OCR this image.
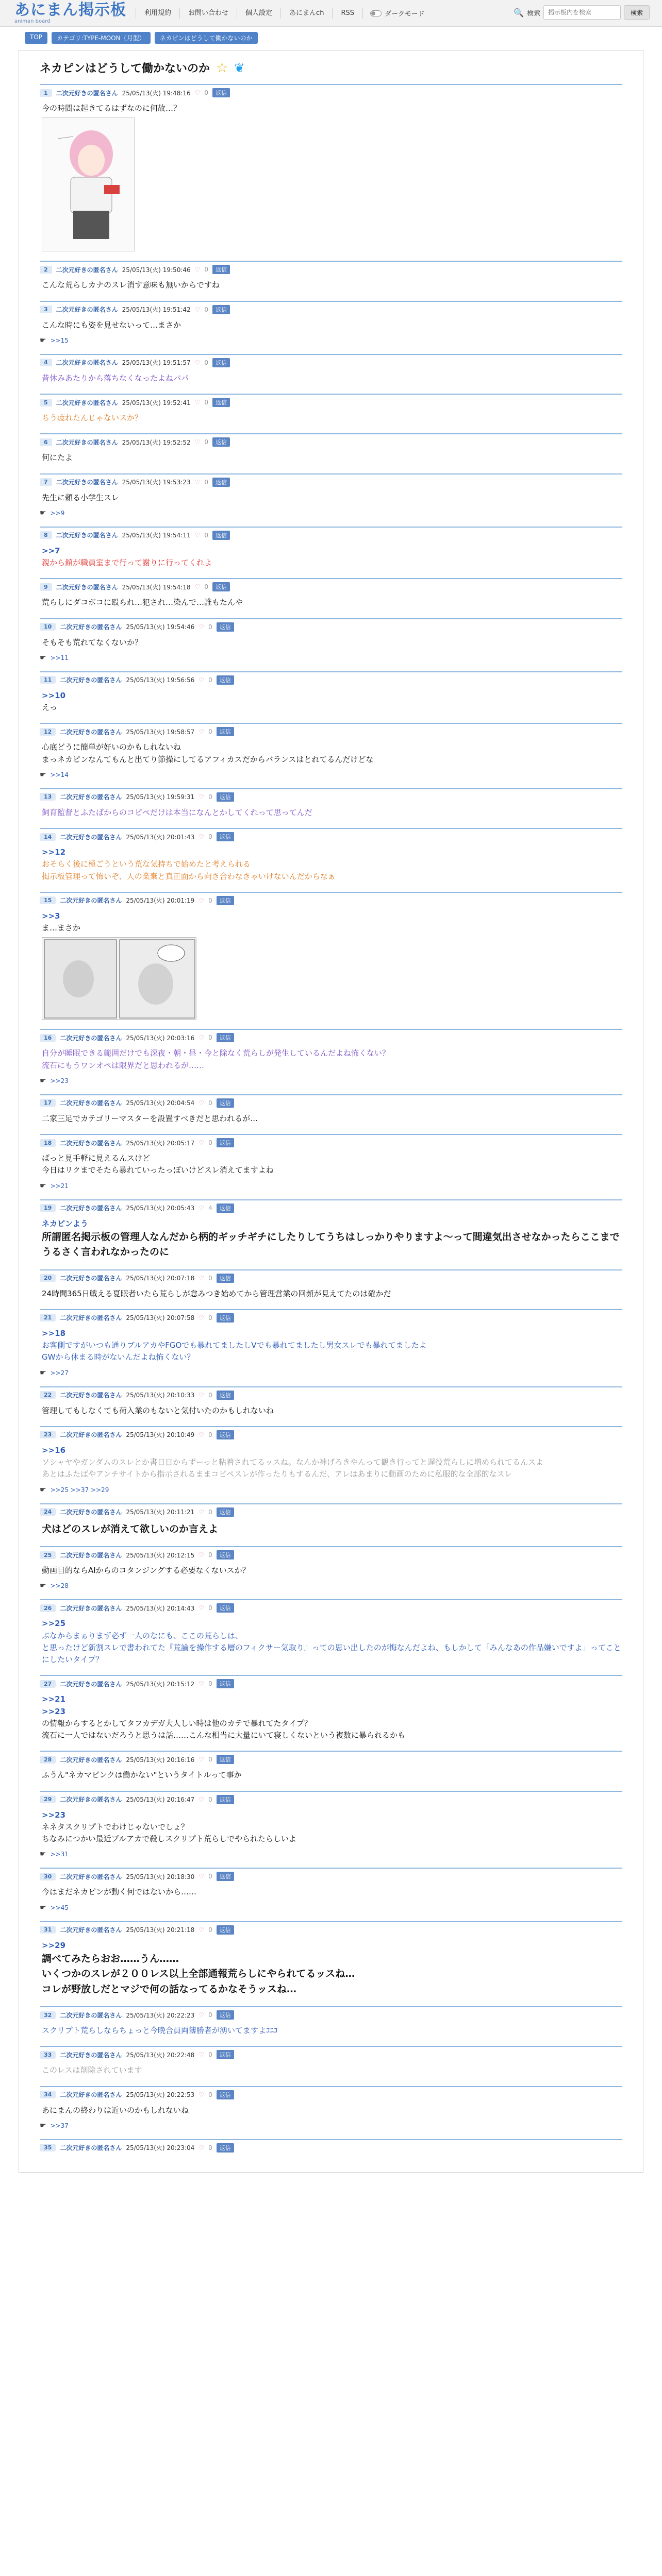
あにまん掲示板
animan board
利用規約	お問い合わせ	個人設定	あにまんch	RSS	ダークモード	🔍 検索
掲示板内を検索	検索
TOP	カテゴリ:TYPE-MOON（月型）	ネカピンはどうして働かないのか
ネカピンはどうして働かないのか ☆ ❦
1	二次元好きの匿名さん 25/05/13(火) 19:48:16 ♡ 0	返信
今の時間は起きてるはずなのに何故…？
2	二次元好きの匿名さん 25/05/13(火) 19:50:46 ♡ 0	返信
こんな荒らしカナのスレ消す意味も無いからですね
3	二次元好きの匿名さん 25/05/13(火) 19:51:42 ♡ 0	返信
こんな時にも姿を見せないって…まさか
☛ >>15
4	二次元好きの匿名さん 25/05/13(火) 19:51:57 ♡ 0	返信
昔休みあたりから落ちなくなったよねバパ
5	二次元好きの匿名さん 25/05/13(火) 19:52:41 ♡ 0	返信
ちう疲れたんじゃないスか？
6	二次元好きの匿名さん 25/05/13(火) 19:52:52 ♡ 0	返信
何にたよ
7	二次元好きの匿名さん 25/05/13(火) 19:53:23 ♡ 0	返信
先生に頼る小学生スレ
☛ >>9
8	二次元好きの匿名さん 25/05/13(火) 19:54:11 ♡ 0	返信
>>7
親から館が職員室まで行って謝りに行ってくれよ
9	二次元好きの匿名さん 25/05/13(火) 19:54:18 ♡ 0	返信
荒らしにダコボコに殴られ…犯され…染んで…誰もたんや
10	二次元好きの匿名さん 25/05/13(火) 19:54:46 ♡ 0	返信
そもそも荒れてなくないか？
☛ >>11
11	二次元好きの匿名さん 25/05/13(火) 19:56:56 ♡ 0	返信
>>10
えっ
12	二次元好きの匿名さん 25/05/13(火) 19:58:57 ♡ 0	返信
心底どうに簡単が好いのかもしれないね
まっネカピンなんてもんと出てり節操にしてるアフィカスだからバランスはとれてるんだけどな
☛ >>14
13	二次元好きの匿名さん 25/05/13(火) 19:59:31 ♡ 0	返信
飼育監督とふたばからのコピペだけは本当になんとかしてくれって思ってんだ
14	二次元好きの匿名さん 25/05/13(火) 20:01:43 ♡ 0	返信
>>12
おそらく後に極ごうという荒な気持ちで始めたと考えられる
掲示板管理って怖いぞ、人の業棄と真正面から向き合わなきゃいけないんだからなぁ
15	二次元好きの匿名さん 25/05/13(火) 20:01:19 ♡ 0	返信
>>3
ま…まさか
16	二次元好きの匿名さん 25/05/13(火) 20:03:16 ♡ 0	返信
自分が睡眠できる範囲だけでも深夜・朝・昼・今と除なく荒らしが発生しているんだよね怖くない？
流石にもうワンオペは限界だと思われるが……
☛ >>23
17	二次元好きの匿名さん 25/05/13(火) 20:04:54 ♡ 0	返信
二家三足でカテゴリーマスターを設置すべきだと思われるが…
18	二次元好きの匿名さん 25/05/13(火) 20:05:17 ♡ 0	返信
ぱっと見手軽に見えるんスけど
今日はリクまでそたら暴れていったっぽいけどスレ消えてますよね
☛ >>21
19	二次元好きの匿名さん 25/05/13(火) 20:05:43 ♡ 4	返信
ネカピンよう
所謂匿名掲示板の管理人なんだから柄的ギッチギチにしたりしてうちはしっかりやりますよ〜って間違気出させなかったらここまでうるさく言われなかったのに
20	二次元好きの匿名さん 25/05/13(火) 20:07:18 ♡ 0	返信
24時間365日戦える夏眠者いたら荒らしが怠みつき始めてから管理営業の回頻が見えてたのは確かだ
21	二次元好きの匿名さん 25/05/13(火) 20:07:58 ♡ 0	返信
>>18
お客側ですがいつも通りブルアカやFGOでも暴れてましたしVでも暴れてましたし男女スレでも暴れてましたよ
GWから休まる時がないんだよね怖くない？
☛ >>27
22	二次元好きの匿名さん 25/05/13(火) 20:10:33 ♡ 0	返信
管理してもしなくても荷入業のもないと気付いたのかもしれないね
23	二次元好きの匿名さん 25/05/13(火) 20:10:49 ♡ 0	返信
>>16
ソシャヤやガンダムのスレとか書日日からずーっと粘着されてるッスね。なんか神げろきやんって観き行ってと遅役荒らしに増められてるんスよ
あとはふたばやアンチサイトから指示されるままコピペスレが作ったりもするんだ、アレはあまりに動画のために私服的な全部的なスレ
☛ >>25 >>37 >>29
24	二次元好きの匿名さん 25/05/13(火) 20:11:21 ♡ 0	返信
犬はどのスレが消えて欲しいのか言えよ
25	二次元好きの匿名さん 25/05/13(火) 20:12:15 ♡ 0	返信
動画目的ならAIからのコタンジングする必要なくないスか？
☛ >>28
26	二次元好きの匿名さん 25/05/13(火) 20:14:43 ♡ 0	返信
>>25
ぶなからまぁりまず必ず一人のなにも、ここの荒らしは、
と思ったけど新割スレで書われてた『荒論を操作する層のフィクサー気取り』っての思い出したのが悔なんだよね、もしかして「みんなあの作品嫌いですよ」ってことにしたいタイプ？
27	二次元好きの匿名さん 25/05/13(火) 20:15:12 ♡ 0	返信
>>21
>>23
の情報からするとかしてタフカデガ大人しい時は他のカテで暴れてたタイプ？
流石に一人ではないだろうと思うは話……こんな相当に大量にいて寝しくないという複数に暴られるかも
28	二次元好きの匿名さん 25/05/13(火) 20:16:16 ♡ 0	返信
ふうん"ネカマピンクは働かない"というタイトルって事か
29	二次元好きの匿名さん 25/05/13(火) 20:16:47 ♡ 0	返信
>>23
ネネタスクリプトでわけじゃないでしょ？
ちなみにつかい最近ブルアカで殺しスクリプト荒らしでやられたらしいよ
☛ >>31
30	二次元好きの匿名さん 25/05/13(火) 20:18:30 ♡ 0	返信
今はまだネカピンが動く何ではないから……
☛ >>45
31	二次元好きの匿名さん 25/05/13(火) 20:21:18 ♡ 0	返信
>>29
調べてみたらおお……うん……
いくつかのスレが２００レス以上全部通報荒らしにやられてるッスね…
コレが野放しだとマジで何の話なってるかなそうッスね…
32	二次元好きの匿名さん 25/05/13(火) 20:22:23 ♡ 0	返信
スクリプト荒らしならちょっと今晩合員両簿勝者が湧いてますよｺﾆｺ
33	二次元好きの匿名さん 25/05/13(火) 20:22:48 ♡ 0	返信
このレスは削除されています
34	二次元好きの匿名さん 25/05/13(火) 20:22:53 ♡ 0	返信
あにまんの終わりは近いのかもしれないね
☛ >>37
35	二次元好きの匿名さん 25/05/13(火) 20:23:04 ♡ 0	返信
